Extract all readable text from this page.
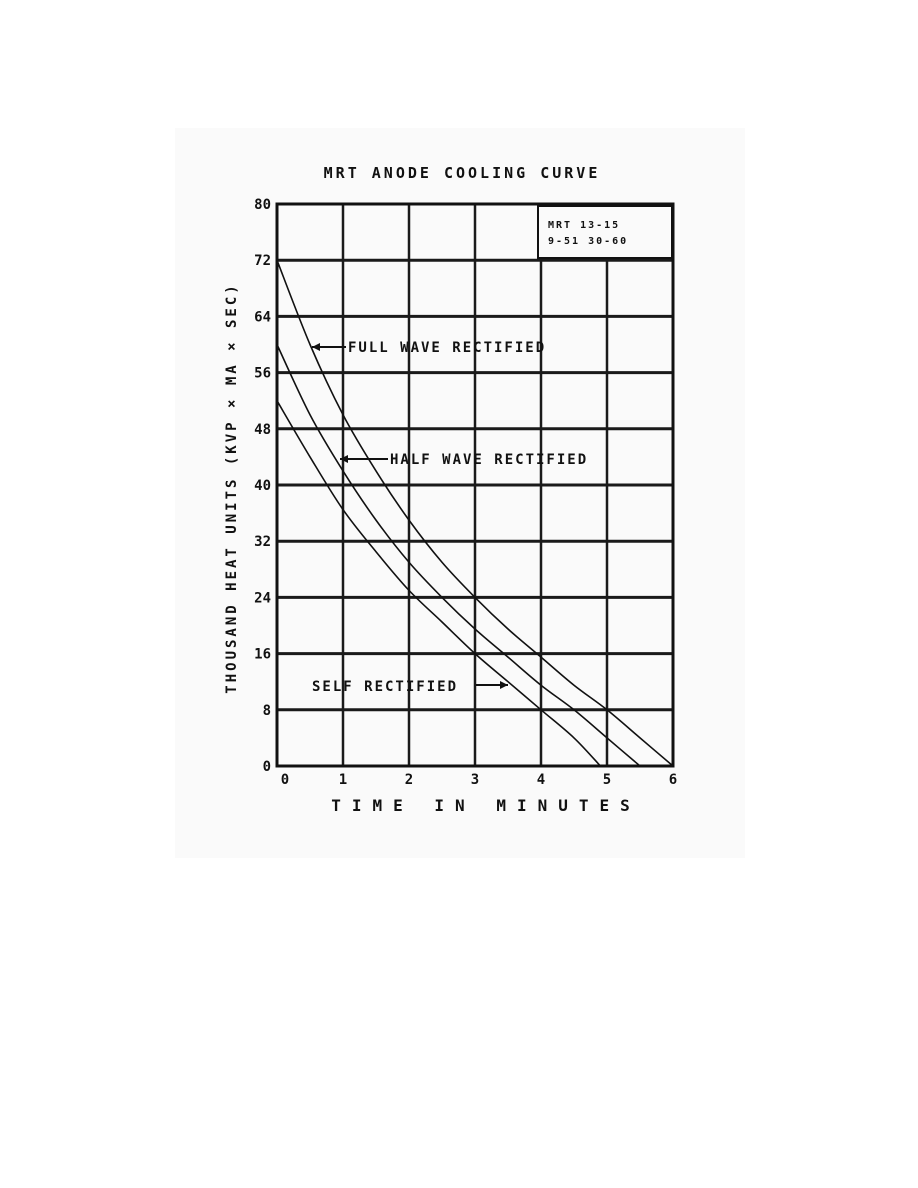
MRT ANODE COOLING CURVE
MRT 13-15
9-51 30-60
0
8
16
24
32
40
48
56
64
72
80
0	1	2	3	4	5	6
FULL WAVE RECTIFIED
HALF WAVE RECTIFIED
SELF RECTIFIED
TIME IN MINUTES
THOUSAND HEAT UNITS (KVP × MA × SEC)
